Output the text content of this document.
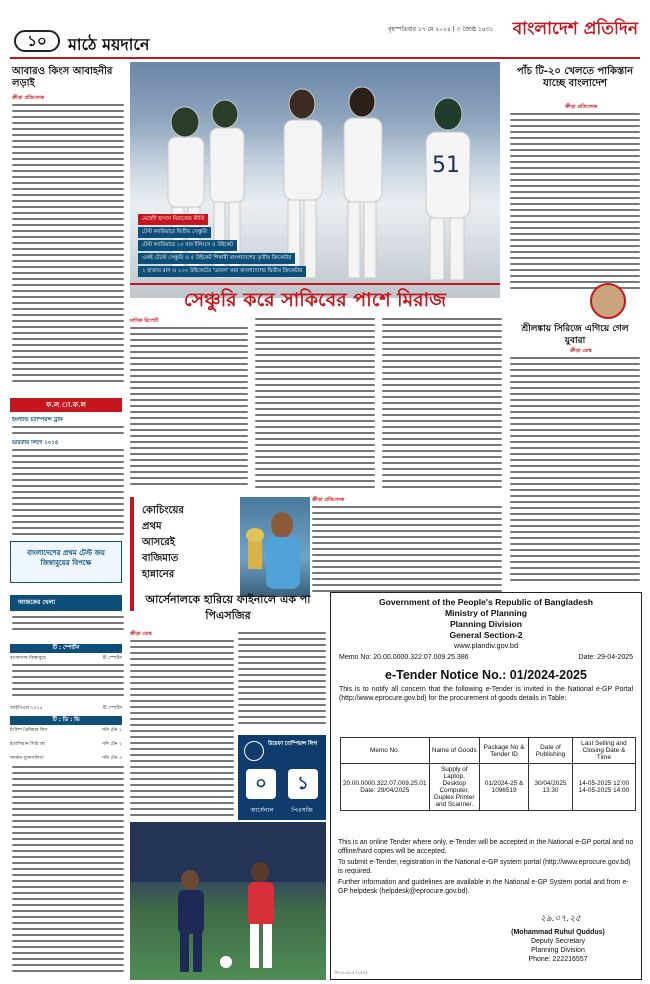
১০	মাঠে ময়দানে
বৃহস্পতিবার ১৭ মে ২০২৪ | ৩ জ্যৈষ্ঠ ১৪৩১	বাংলাদেশ প্রতিদিন
আবারও কিংস আবাহনীর লড়াই
ক্রীড়া প্রতিবেদক
51
মেহেদী হাসান মিরাজের কীর্তি
টেস্ট ক্যারিয়ারে দ্বিতীয় সেঞ্চুরি
টেস্ট ক্যারিয়ারে ১০ বার ইনিংসে ৫ উইকেট
একই টেস্টে সেঞ্চুরি ও ৫ উইকেট শিকারী বাংলাদেশের তৃতীয় ক্রিকেটার
২ হাজার রান ও ২০০ উইকেটের 'ডাবল' করা বাংলাদেশের দ্বিতীয় ক্রিকেটার
সেঞ্চুরি করে সাকিবের পাশে মিরাজ
পাঁচ টি-২০ খেলতে পাকিস্তান যাচ্ছে বাংলাদেশ
ক্রীড়া প্রতিবেদক
মাসিক রিপোর্ট
শ্রীলঙ্কায় সিরিজে এগিয়ে গেল যুবারা
ক্রীড়া ডেস্ক
ফ.ল.া.ফ.ল
ইংল্যান্ড চ্যাম্পিয়ন্স ট্রফি
ভারতীয় লিগে ১০১৫
বাংলাদেশের প্রথম টেস্ট জয় জিম্বাবুয়ের বিপক্ষে
কোচিংয়ের
প্রথম
আসরেই
বাজিমাত
হান্নানের
ক্রীড়া প্রতিবেদক
আজকের খেলা
টি : স্পোর্টস
বাংলাদেশ-জিম্বাবুয়ে	টি স্পোর্টস
আইপিএল ২০২৫	টি স্পোর্টস
টি : ডি : ভি
ইংলিশ প্রিমিয়ার লিগ	সনি টেন ২
ইতালিয়ান সিরি আ	সনি টেন ২
জার্মান বুন্দেসলিগা	সনি টেন ৩
আর্সেনালকে হারিয়ে ফাইনালে এক পা পিএসজির
ক্রীড়া ডেস্ক
উয়েফা চ্যাম্পিয়ন্স লিগ
০	১
আর্সেনাল	পিএসজি
Government of the People's Republic of Bangladesh
Ministry of Planning
Planning Division
General Section-2
www.plandiv.gov.bd
Memo No: 20.00.0000.322.07.009.25.386	Date: 29-04-2025
e-Tender Notice No.: 01/2024-2025
This is to notify all concern that the following e-Tender is invited in the National e-GP Portal (http://www.eprocure.gov.bd) for the procurement of goods details in Table:
Memo No.	Name of Goods	Package No & Tender ID	Date of Publishing	Last Selling and Closing Date & Time
20.00.0000.322.07.009.25.01 Date: 29/04/2025	Supply of Laptop, Desktop Computer, Duplex Printer and Scanner.	01/2024-25 & 1096519	30/04/2025 13:30	14-05-2025 12:00 14-05-2025 14:00
This is an online Tender where only, e-Tender will be accepted in the National e-GP portal and no offline/hard copies will be accepted.
To submit e-Tender, registration in the National e-GP system portal (http://www.eprocure.gov.bd) is required.
Further information and guidelines are available in the National e-GP System portal and from e-GP helpdesk (helpdesk@eprocure.gov.bd).
২৯.০৭.২৫
(Mohammad Ruhul Quddus)
Deputy Secretary
Planning Division
Phone: 222216557
জি-৩১৯/২৫ (২×৫)
